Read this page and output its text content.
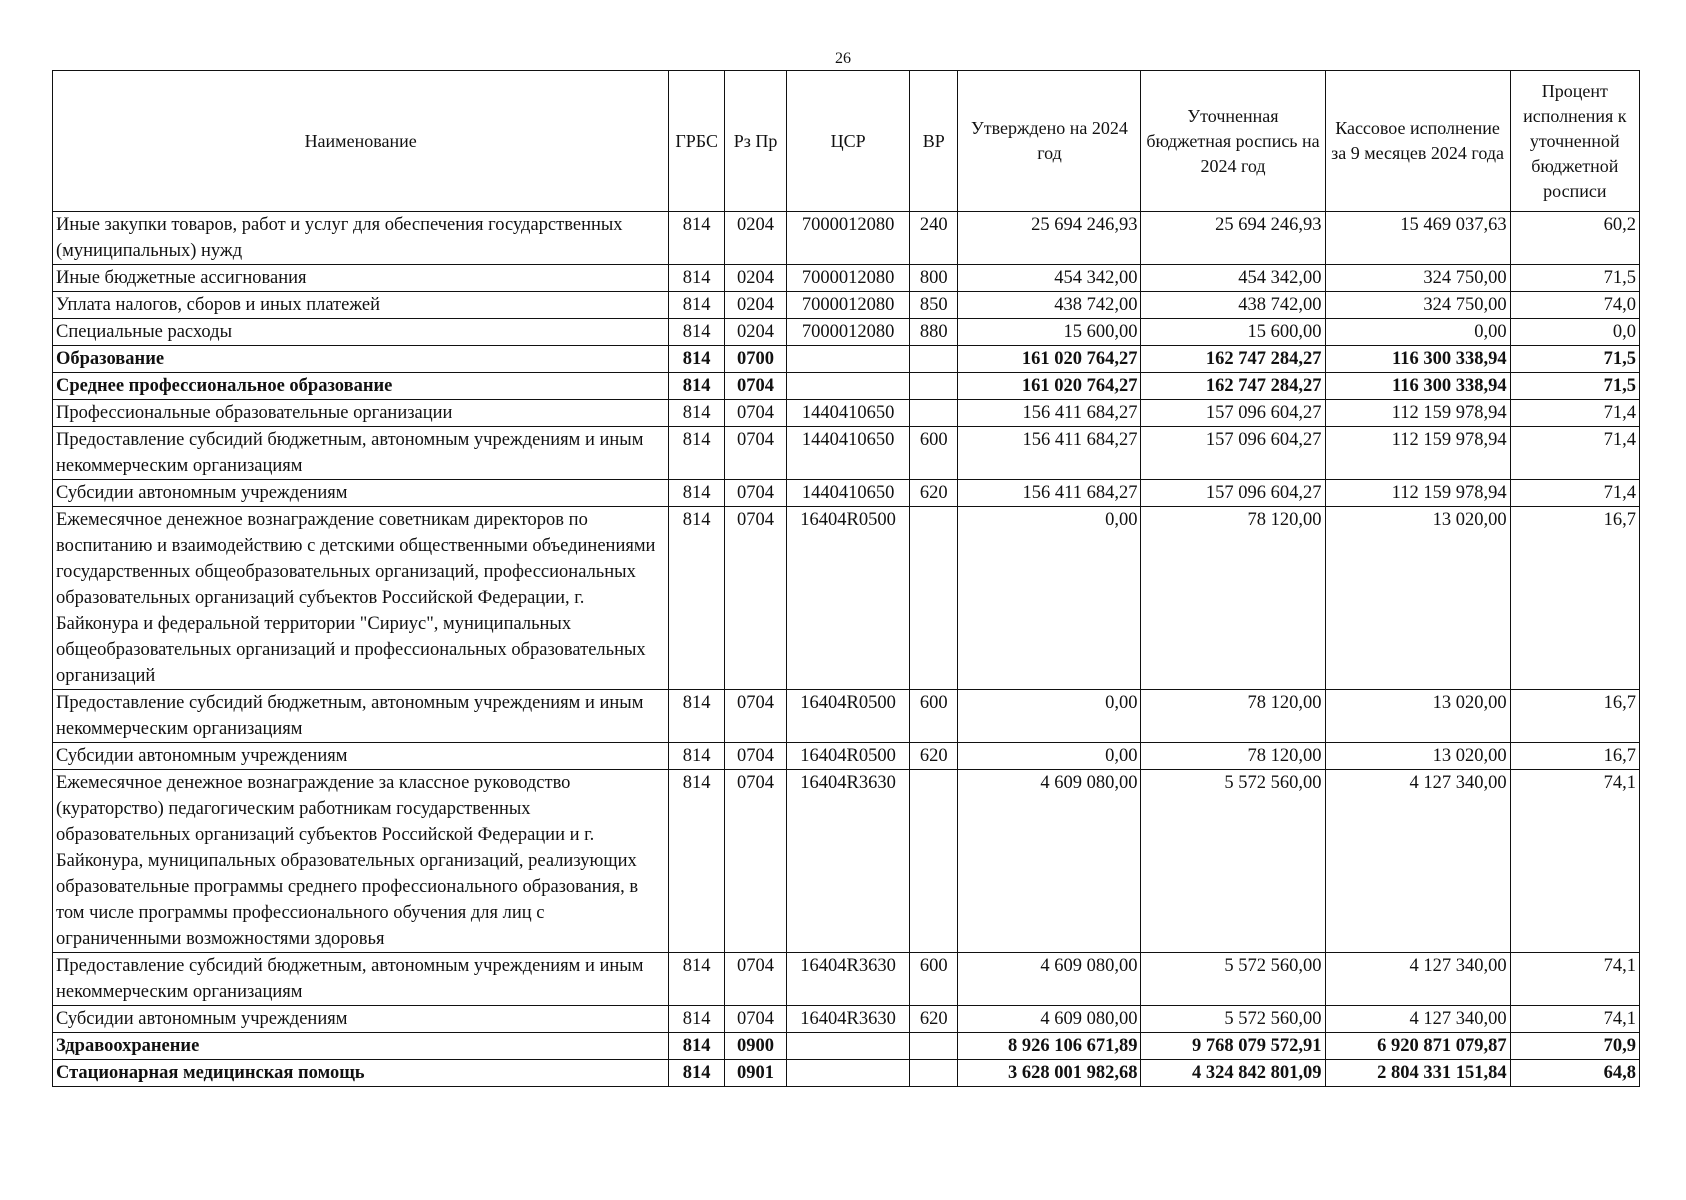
26
Наименование	ГРБС	Рз Пр	ЦСР	ВР	Утверждено на 2024 год	Уточненная бюджетная роспись на 2024 год	Кассовое исполнение за 9 месяцев 2024 года	Процент исполнения к уточненной бюджетной росписи
Иные закупки товаров, работ и услуг для обеспечения государственных (муниципальных) нужд	814	0204	7000012080	240	25 694 246,93	25 694 246,93	15 469 037,63	60,2
Иные бюджетные ассигнования	814	0204	7000012080	800	454 342,00	454 342,00	324 750,00	71,5
Уплата налогов, сборов и иных платежей	814	0204	7000012080	850	438 742,00	438 742,00	324 750,00	74,0
Специальные расходы	814	0204	7000012080	880	15 600,00	15 600,00	0,00	0,0
Образование	814	0700			161 020 764,27	162 747 284,27	116 300 338,94	71,5
Среднее профессиональное образование	814	0704			161 020 764,27	162 747 284,27	116 300 338,94	71,5
Профессиональные образовательные организации	814	0704	1440410650		156 411 684,27	157 096 604,27	112 159 978,94	71,4
Предоставление субсидий бюджетным, автономным учреждениям и иным некоммерческим организациям	814	0704	1440410650	600	156 411 684,27	157 096 604,27	112 159 978,94	71,4
Субсидии автономным учреждениям	814	0704	1440410650	620	156 411 684,27	157 096 604,27	112 159 978,94	71,4
Ежемесячное денежное вознаграждение советникам директоров по воспитанию и взаимодействию с детскими общественными объединениями государственных общеобразовательных организаций, профессиональных образовательных организаций субъектов Российской Федерации, г. Байконура и федеральной территории "Сириус", муниципальных общеобразовательных организаций и профессиональных образовательных организаций	814	0704	16404R0500		0,00	78 120,00	13 020,00	16,7
Предоставление субсидий бюджетным, автономным учреждениям и иным некоммерческим организациям	814	0704	16404R0500	600	0,00	78 120,00	13 020,00	16,7
Субсидии автономным учреждениям	814	0704	16404R0500	620	0,00	78 120,00	13 020,00	16,7
Ежемесячное денежное вознаграждение за классное руководство (кураторство) педагогическим работникам государственных образовательных организаций субъектов Российской Федерации и г. Байконура, муниципальных образовательных организаций, реализующих образовательные программы среднего профессионального образования, в том числе программы профессионального обучения для лиц с ограниченными возможностями здоровья	814	0704	16404R3630		4 609 080,00	5 572 560,00	4 127 340,00	74,1
Предоставление субсидий бюджетным, автономным учреждениям и иным некоммерческим организациям	814	0704	16404R3630	600	4 609 080,00	5 572 560,00	4 127 340,00	74,1
Субсидии автономным учреждениям	814	0704	16404R3630	620	4 609 080,00	5 572 560,00	4 127 340,00	74,1
Здравоохранение	814	0900			8 926 106 671,89	9 768 079 572,91	6 920 871 079,87	70,9
Стационарная медицинская помощь	814	0901			3 628 001 982,68	4 324 842 801,09	2 804 331 151,84	64,8
